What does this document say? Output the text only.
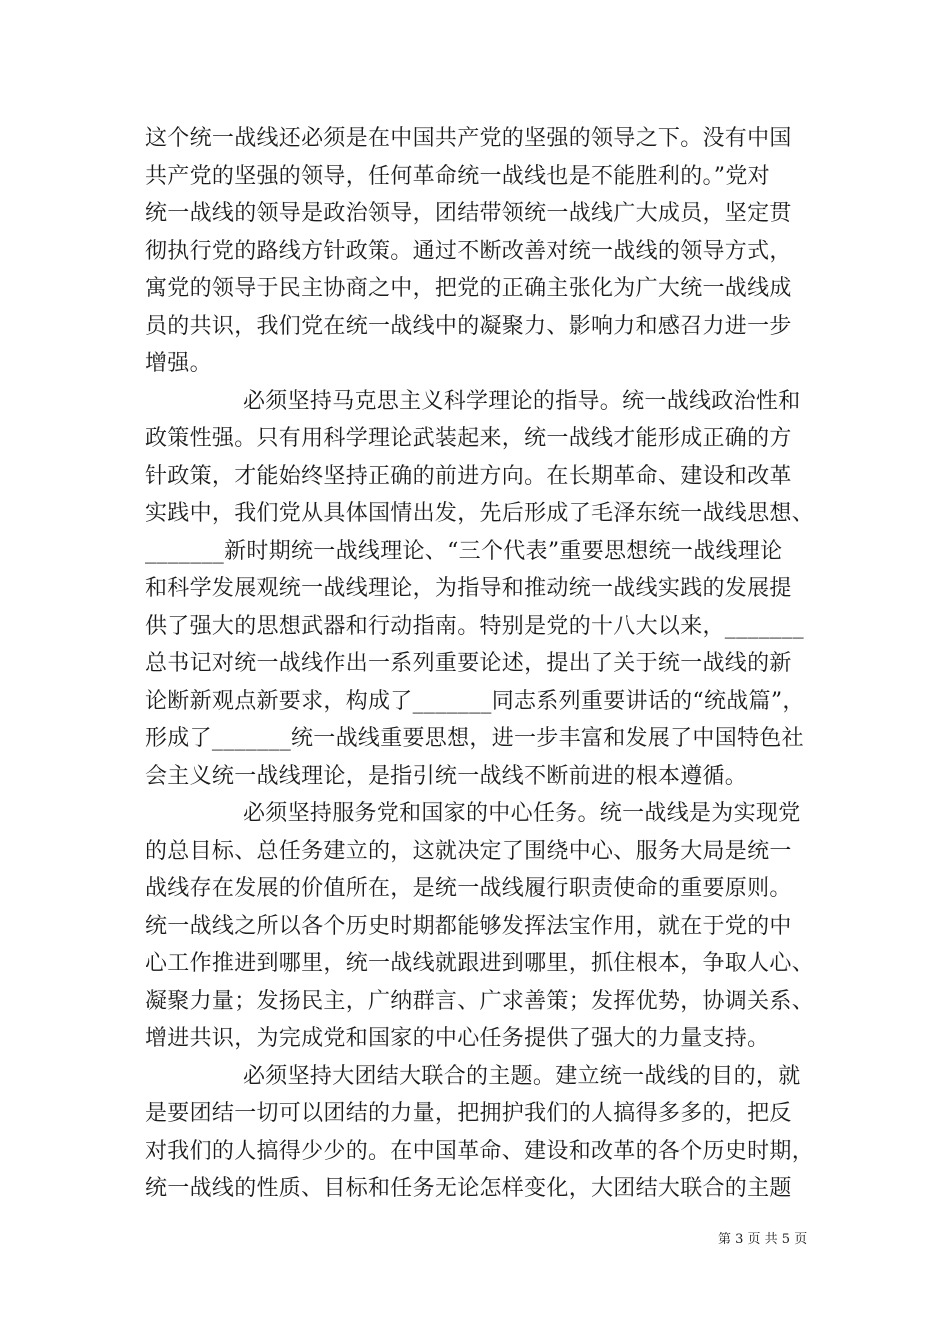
这个统一战线还必须是在中国共产党的坚强的领导之下。没有中国
共产党的坚强的领导，任何革命统一战线也是不能胜利的。”党对
统一战线的领导是政治领导，团结带领统一战线广大成员，坚定贯
彻执行党的路线方针政策。通过不断改善对统一战线的领导方式，
寓党的领导于民主协商之中，把党的正确主张化为广大统一战线成
员的共识，我们党在统一战线中的凝聚力、影响力和感召力进一步
增强。
必须坚持马克思主义科学理论的指导。统一战线政治性和
政策性强。只有用科学理论武装起来，统一战线才能形成正确的方
针政策，才能始终坚持正确的前进方向。在长期革命、建设和改革
实践中，我们党从具体国情出发，先后形成了毛泽东统一战线思想、
_______新时期统一战线理论、“三个代表”重要思想统一战线理论
和科学发展观统一战线理论，为指导和推动统一战线实践的发展提
供了强大的思想武器和行动指南。特别是党的十八大以来，_______
总书记对统一战线作出一系列重要论述，提出了关于统一战线的新
论断新观点新要求，构成了_______同志系列重要讲话的“统战篇”，
形成了_______统一战线重要思想，进一步丰富和发展了中国特色社
会主义统一战线理论，是指引统一战线不断前进的根本遵循。
必须坚持服务党和国家的中心任务。统一战线是为实现党
的总目标、总任务建立的，这就决定了围绕中心、服务大局是统一
战线存在发展的价值所在，是统一战线履行职责使命的重要原则。
统一战线之所以各个历史时期都能够发挥法宝作用，就在于党的中
心工作推进到哪里，统一战线就跟进到哪里，抓住根本，争取人心、
凝聚力量；发扬民主，广纳群言、广求善策；发挥优势，协调关系、
增进共识，为完成党和国家的中心任务提供了强大的力量支持。
必须坚持大团结大联合的主题。建立统一战线的目的，就
是要团结一切可以团结的力量，把拥护我们的人搞得多多的，把反
对我们的人搞得少少的。在中国革命、建设和改革的各个历史时期，
统一战线的性质、目标和任务无论怎样变化，大团结大联合的主题
第 3 页 共 5 页
